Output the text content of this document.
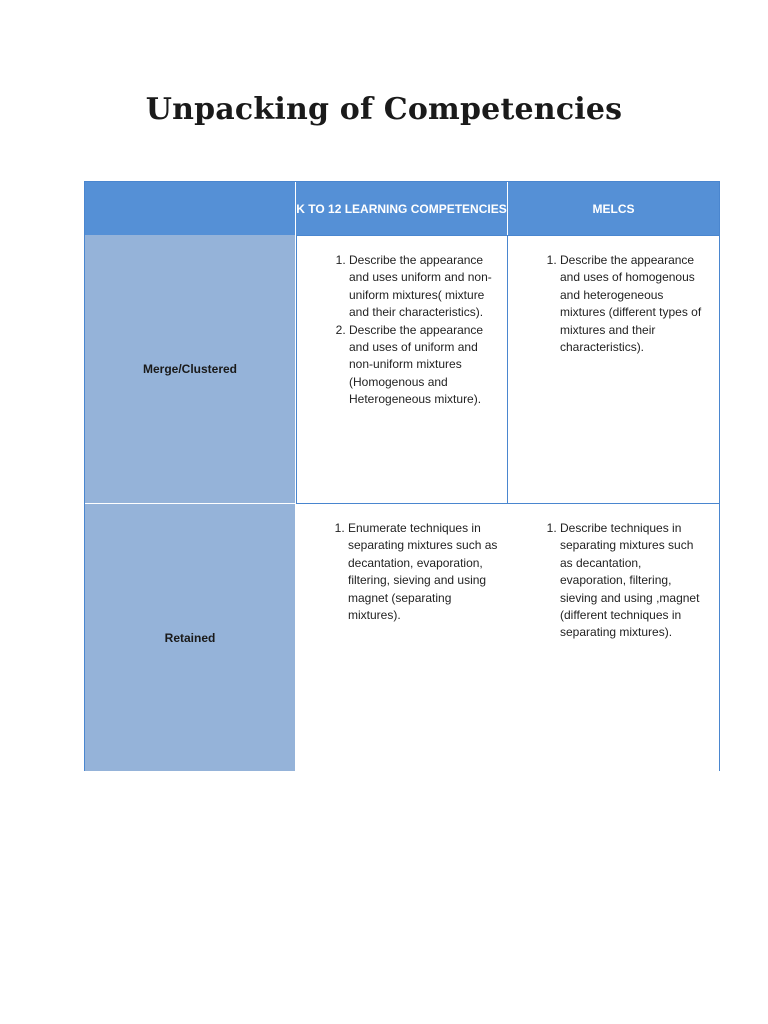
Unpacking of Competencies
K TO 12 LEARNING COMPETENCIES	MELCS
Merge/Clustered
1. Describe the appearance and uses uniform and non-uniform mixtures( mixture and their characteristics).
2. Describe the appearance and uses of uniform and non-uniform mixtures (Homogenous and Heterogeneous mixture).
1. Describe the appearance and uses of homogenous and heterogeneous mixtures (different types of mixtures and their characteristics).
Retained
1. Enumerate techniques in separating mixtures such as decantation, evaporation, filtering, sieving and using magnet (separating mixtures).
1. Describe techniques in separating mixtures such as decantation, evaporation, filtering, sieving and using ,magnet (different techniques in separating mixtures).
